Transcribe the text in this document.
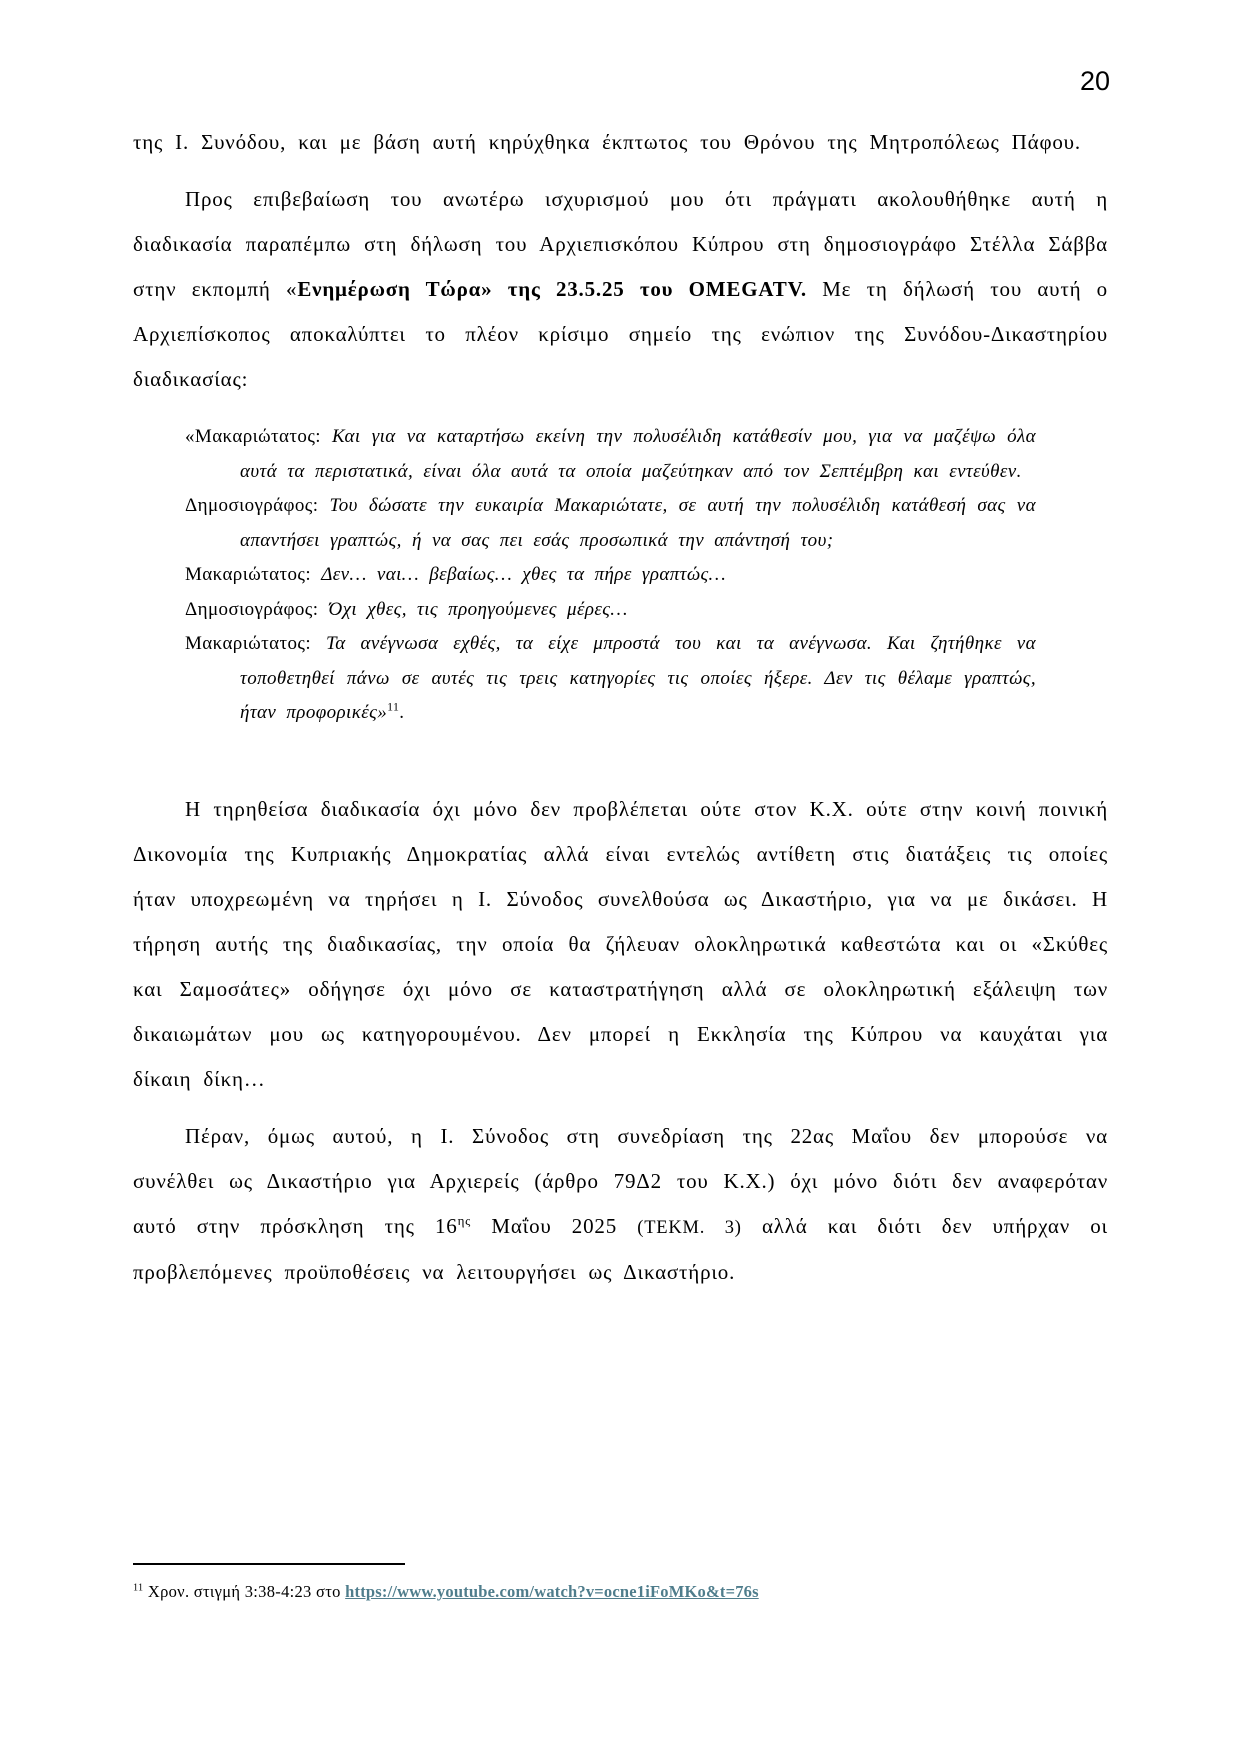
20

της Ι. Συνόδου, και με βάση αυτή κηρύχθηκα έκπτωτος του Θρόνου της Μητροπόλεως Πάφου.

Προς επιβεβαίωση του ανωτέρω ισχυρισμού μου ότι πράγματι ακολουθήθηκε αυτή η διαδικασία παραπέμπω στη δήλωση του Αρχιεπισκόπου Κύπρου στη δημοσιογράφο Στέλλα Σάββα στην εκπομπή «Ενημέρωση Τώρα» της 23.5.25 του OMEGATV. Με τη δήλωσή του αυτή ο Αρχιεπίσκοπος αποκαλύπτει το πλέον κρίσιμο σημείο της ενώπιον της Συνόδου-Δικαστηρίου διαδικασίας:

«Μακαριώτατος: Και για να καταρτήσω εκείνη την πολυσέλιδη κατάθεσίν μου, για να μαζέψω όλα αυτά τα περιστατικά, είναι όλα αυτά τα οποία μαζεύτηκαν από τον Σεπτέμβρη και εντεύθεν.
Δημοσιογράφος: Του δώσατε την ευκαιρία Μακαριώτατε, σε αυτή την πολυσέλιδη κατάθεσή σας να απαντήσει γραπτώς, ή να σας πει εσάς προσωπικά την απάντησή του;
Μακαριώτατος: Δεν… ναι… βεβαίως… χθες τα πήρε γραπτώς…
Δημοσιογράφος: Όχι χθες, τις προηγούμενες μέρες…
Μακαριώτατος: Τα ανέγνωσα εχθές, τα είχε μπροστά του και τα ανέγνωσα. Και ζητήθηκε να τοποθετηθεί πάνω σε αυτές τις τρεις κατηγορίες τις οποίες ήξερε. Δεν τις θέλαμε γραπτώς, ήταν προφορικές»$^{11}$.

Η τηρηθείσα διαδικασία όχι μόνο δεν προβλέπεται ούτε στον Κ.Χ. ούτε στην κοινή ποινική Δικονομία της Κυπριακής Δημοκρατίας αλλά είναι εντελώς αντίθετη στις διατάξεις τις οποίες ήταν υποχρεωμένη να τηρήσει η Ι. Σύνοδος συνελθούσα ως Δικαστήριο, για να με δικάσει. Η τήρηση αυτής της διαδικασίας, την οποία θα ζήλευαν ολοκληρωτικά καθεστώτα και οι «Σκύθες και Σαμοσάτες» οδήγησε όχι μόνο σε καταστρατήγηση αλλά σε ολοκληρωτική εξάλειψη των δικαιωμάτων μου ως κατηγορουμένου. Δεν μπορεί η Εκκλησία της Κύπρου να καυχάται για δίκαιη δίκη…

Πέραν, όμως αυτού, η Ι. Σύνοδος στη συνεδρίαση της 22ας Μαΐου δεν μπορούσε να συνέλθει ως Δικαστήριο για Αρχιερείς (άρθρο 79Δ2 του Κ.Χ.) όχι μόνο διότι δεν αναφερόταν αυτό στην πρόσκληση της $16^{\eta\varsigma}$ Μαΐου 2025 (ΤΕΚΜ. 3) αλλά και διότι δεν υπήρχαν οι προβλεπόμενες προϋποθέσεις να λειτουργήσει ως Δικαστήριο.

$^{11}$ Χρον. στιγμή 3:38-4:23 στο https://www.youtube.com/watch?v=ocne1iFoMKo&t=76s
